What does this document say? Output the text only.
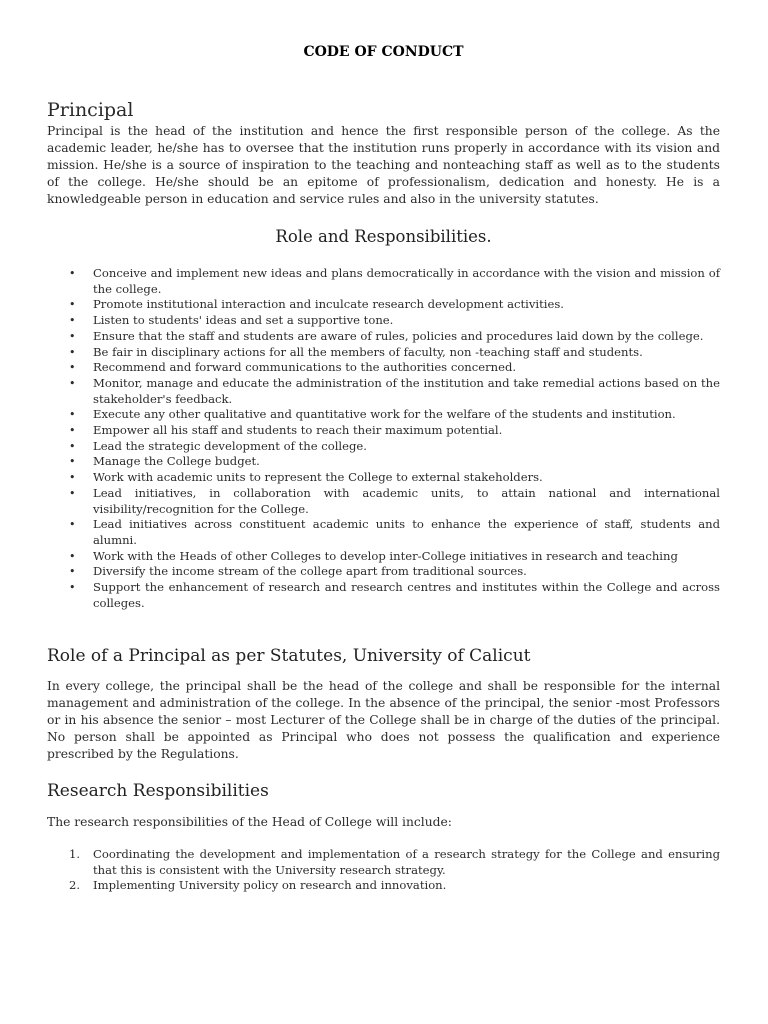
CODE OF CONDUCT
Principal

Principal is the head of the institution and hence the first responsible person of the college. As the academic leader, he/she has to oversee that the institution runs properly in accordance with its vision and mission. He/she is a source of inspiration to the teaching and nonteaching staff as well as to the students of the college. He/she should be an epitome of professionalism, dedication and honesty. He is a knowledgeable person in education and service rules and also in the university statutes.

Role and Responsibilities.
• Conceive and implement new ideas and plans democratically in accordance with the vision and mission of the college.
• Promote institutional interaction and inculcate research development activities.
• Listen to students' ideas and set a supportive tone.
• Ensure that the staff and students are aware of rules, policies and procedures laid down by the college.
• Be fair in disciplinary actions for all the members of faculty, non -teaching staff and students.
• Recommend and forward communications to the authorities concerned.
• Monitor, manage and educate the administration of the institution and take remedial actions based on the stakeholder's feedback.
• Execute any other qualitative and quantitative work for the welfare of the students and institution.
• Empower all his staff and students to reach their maximum potential.
• Lead the strategic development of the college.
• Manage the College budget.
• Work with academic units to represent the College to external stakeholders.
• Lead initiatives, in collaboration with academic units, to attain national and international visibility/recognition for the College.
• Lead initiatives across constituent academic units to enhance the experience of staff, students and alumni.
• Work with the Heads of other Colleges to develop inter-College initiatives in research and teaching
• Diversify the income stream of the college apart from traditional sources.
• Support the enhancement of research and research centres and institutes within the College and across colleges.
Role of a Principal as per Statutes, University of Calicut

In every college, the principal shall be the head of the college and shall be responsible for the internal management and administration of the college. In the absence of the principal, the senior -most Professors or in his absence the senior – most Lecturer of the College shall be in charge of the duties of the principal. No person shall be appointed as Principal who does not possess the qualification and experience prescribed by the Regulations.

Research Responsibilities

The research responsibilities of the Head of College will include:

1. Coordinating the development and implementation of a research strategy for the College and ensuring that this is consistent with the University research strategy.
2. Implementing University policy on research and innovation.
